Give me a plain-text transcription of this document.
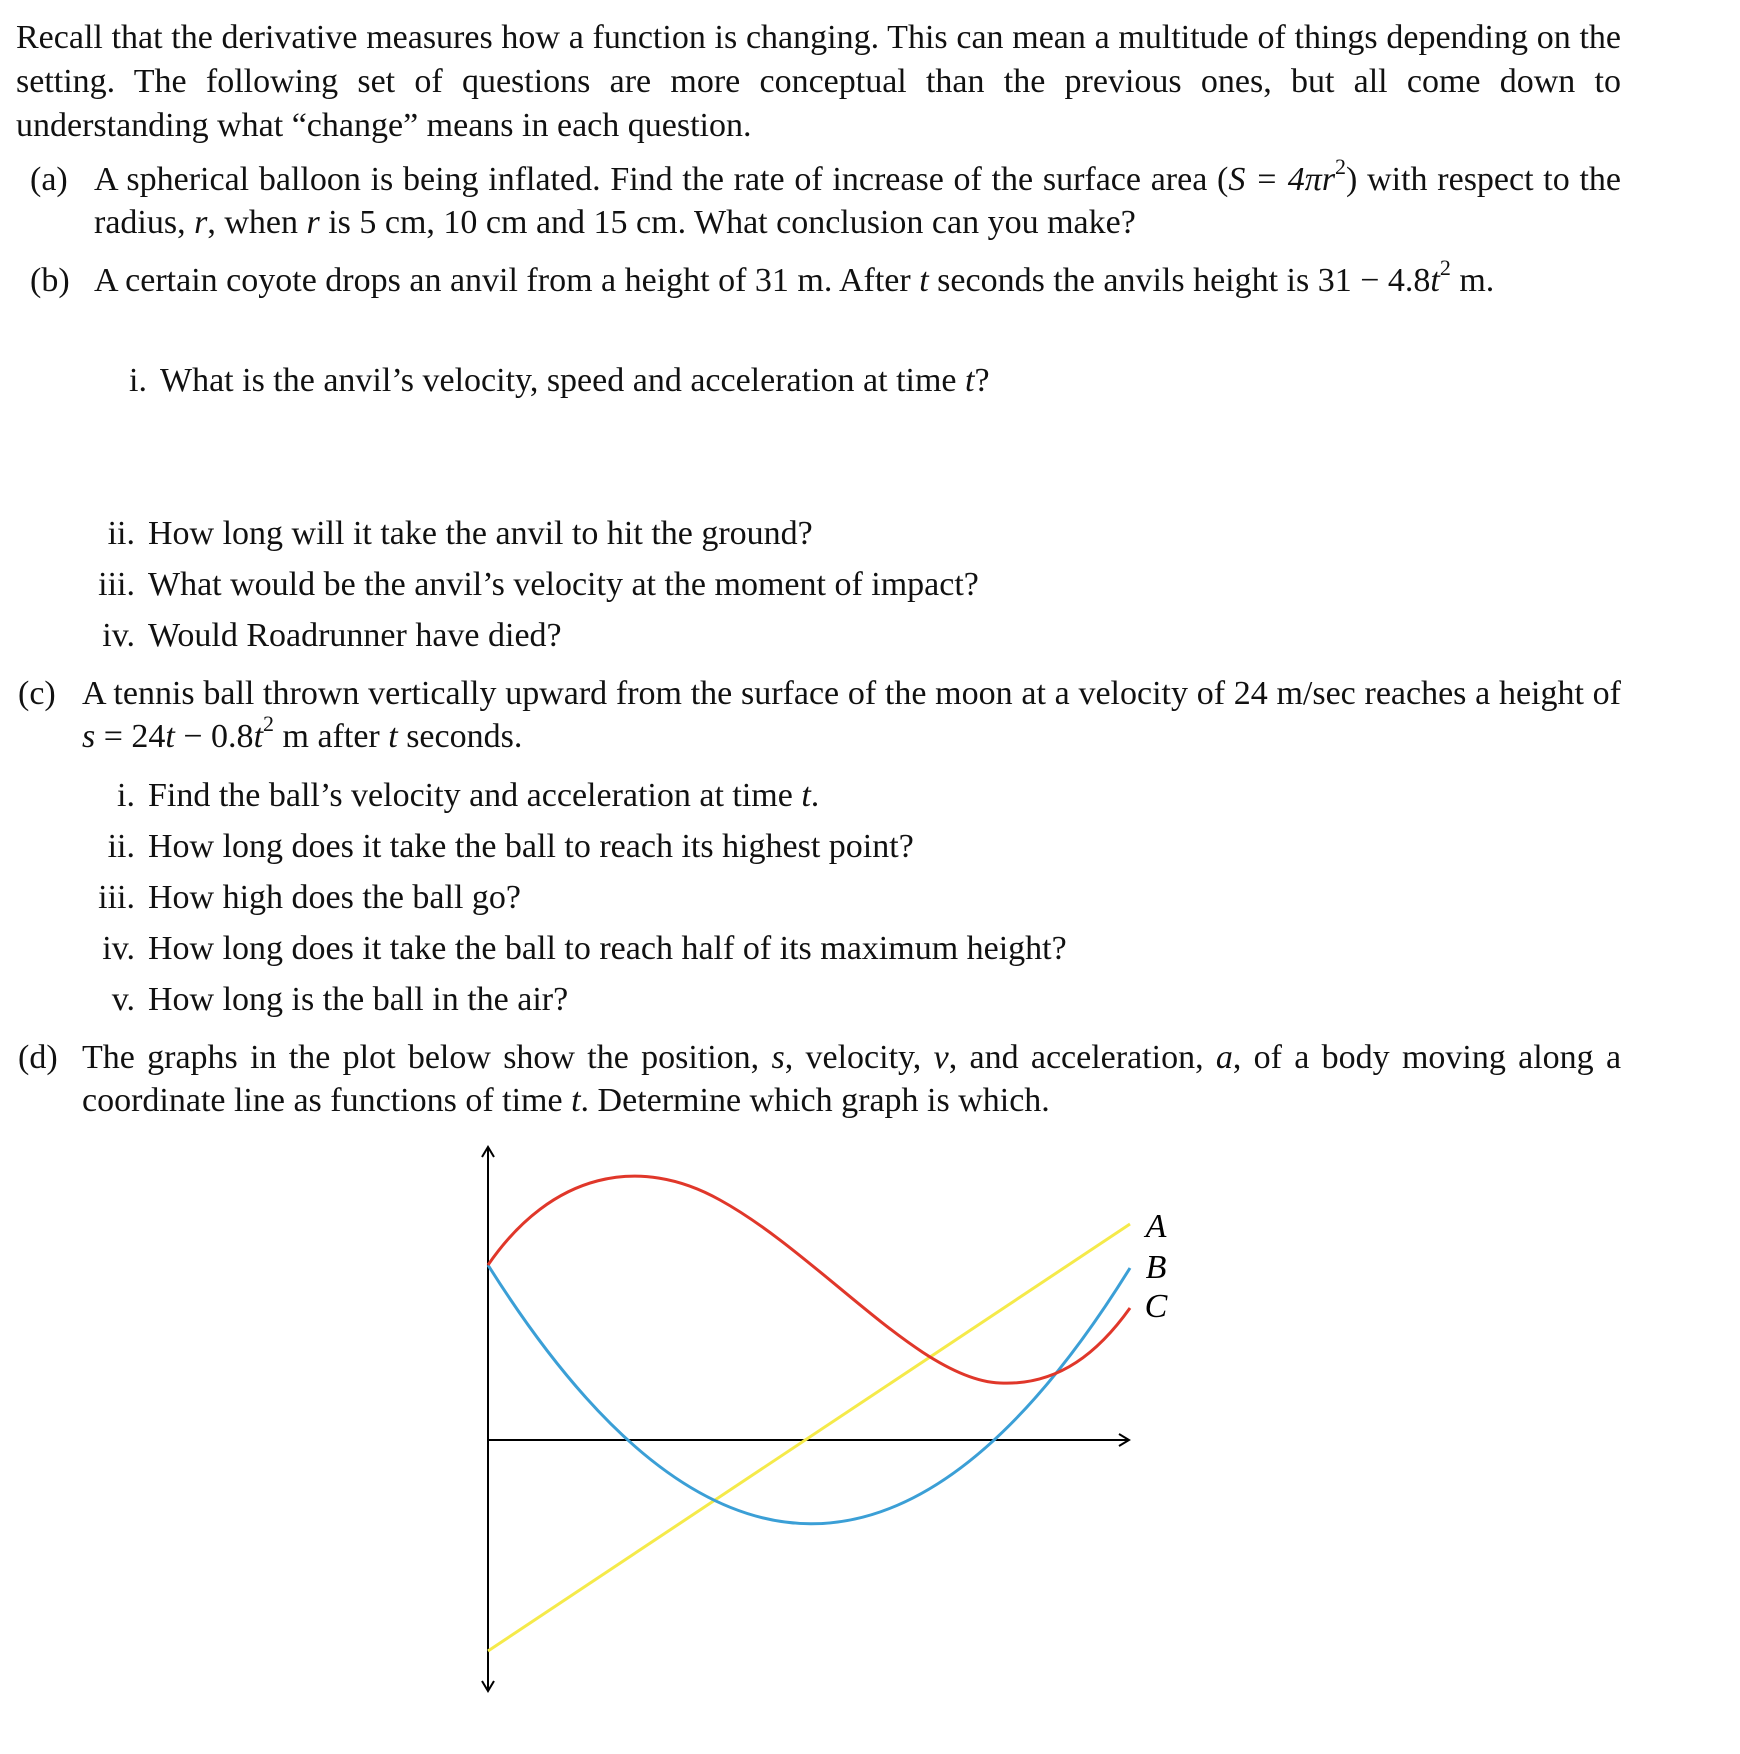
Recall that the derivative measures how a function is changing. This can mean a multitude of things depending on the setting. The following set of questions are more conceptual than the previous ones, but all come down to understanding what “change” means in each question.
(a) A spherical balloon is being inflated. Find the rate of increase of the surface area $(S = 4\pi r^2)$ with respect to the radius, r, when r is 5 cm, 10 cm and 15 cm. What conclusion can you make?
(b) A certain coyote drops an anvil from a height of 31 m. After t seconds the anvils height is $31 - 4.8t^2$ m.
i. What is the anvil’s velocity, speed and acceleration at time t?
ii. How long will it take the anvil to hit the ground?
iii. What would be the anvil’s velocity at the moment of impact?
iv. Would Roadrunner have died?
(c) A tennis ball thrown vertically upward from the surface of the moon at a velocity of 24 m/sec reaches a height of $s = 24t - 0.8t^2$ m after t seconds.
i. Find the ball’s velocity and acceleration at time t.
ii. How long does it take the ball to reach its highest point?
iii. How high does the ball go?
iv. How long does it take the ball to reach half of its maximum height?
v. How long is the ball in the air?
(d) The graphs in the plot below show the position, s, velocity, v, and acceleration, a, of a body moving along a coordinate line as functions of time t. Determine which graph is which.
A
B
C
